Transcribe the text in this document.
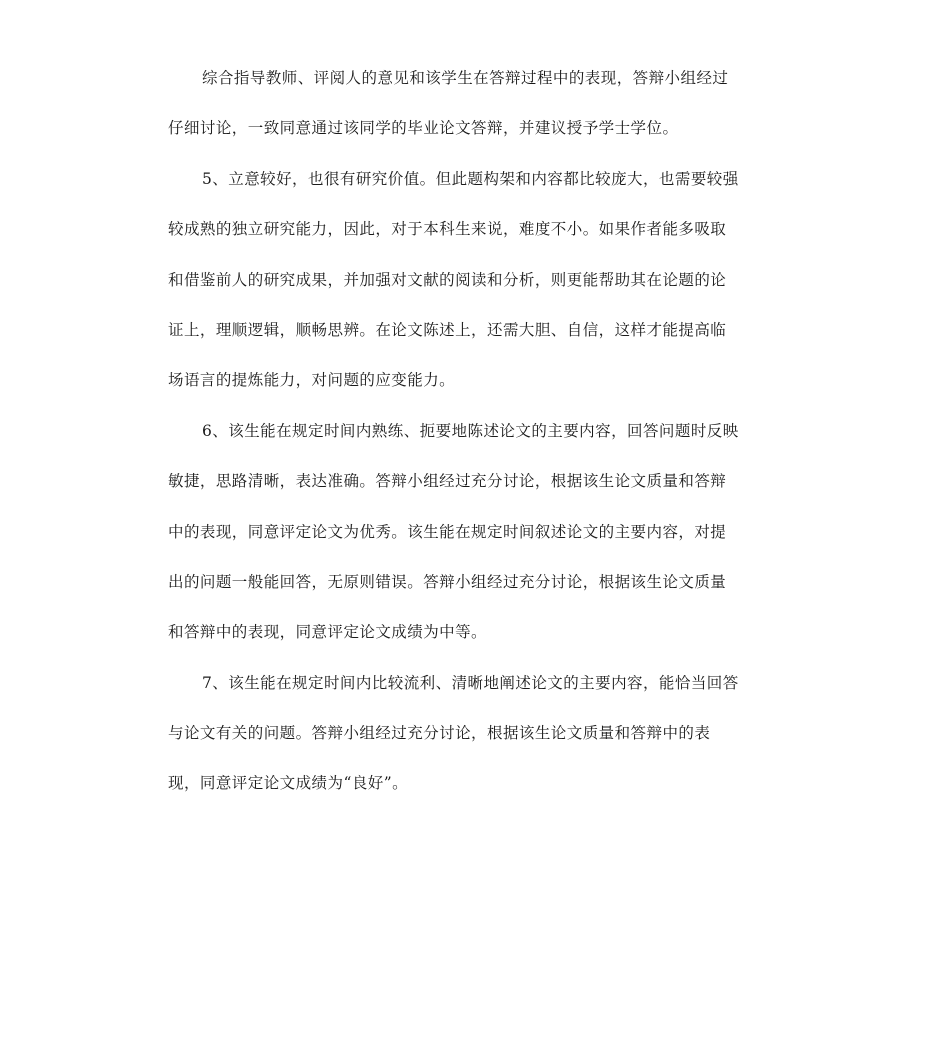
综合指导教师、评阅人的意见和该学生在答辩过程中的表现，答辩小组经过
仔细讨论，一致同意通过该同学的毕业论文答辩，并建议授予学士学位。
5、立意较好，也很有研究价值。但此题构架和内容都比较庞大，也需要较强
较成熟的独立研究能力，因此，对于本科生来说，难度不小。如果作者能多吸取
和借鉴前人的研究成果，并加强对文献的阅读和分析，则更能帮助其在论题的论
证上，理顺逻辑，顺畅思辨。在论文陈述上，还需大胆、自信，这样才能提高临
场语言的提炼能力，对问题的应变能力。
6、该生能在规定时间内熟练、扼要地陈述论文的主要内容，回答问题时反映
敏捷，思路清晰，表达准确。答辩小组经过充分讨论，根据该生论文质量和答辩
中的表现，同意评定论文为优秀。该生能在规定时间叙述论文的主要内容，对提
出的问题一般能回答，无原则错误。答辩小组经过充分讨论，根据该生论文质量
和答辩中的表现，同意评定论文成绩为中等。
7、该生能在规定时间内比较流利、清晰地阐述论文的主要内容，能恰当回答
与论文有关的问题。答辩小组经过充分讨论，根据该生论文质量和答辩中的表
现，同意评定论文成绩为“良好”。
